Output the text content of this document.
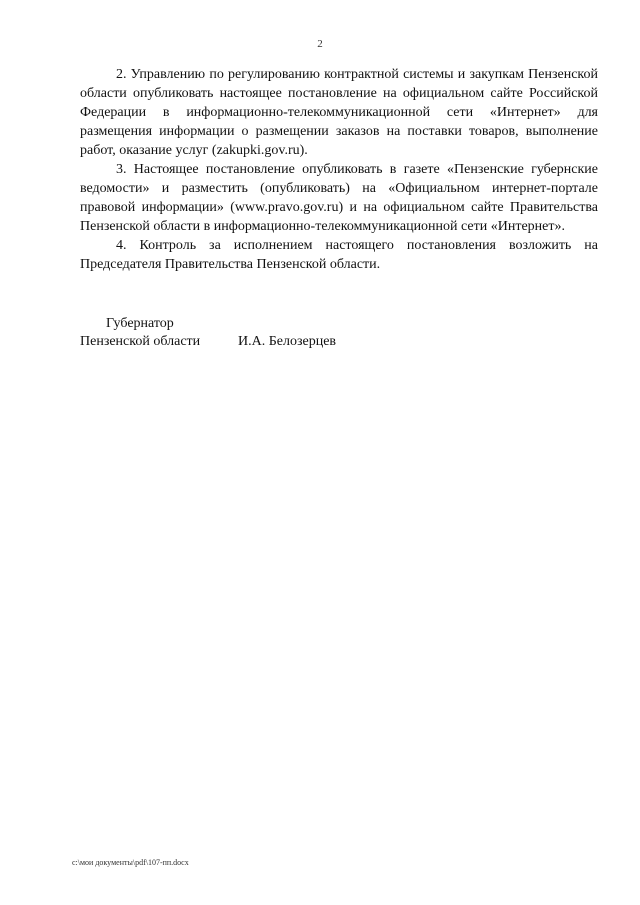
2

2. Управлению по регулированию контрактной системы и закупкам Пензенской области опубликовать настоящее постановление на официальном сайте Российской Федерации в информационно-телекоммуникационной сети «Интернет» для размещения информации о размещении заказов на поставки товаров, выполнение работ, оказание услуг (zakupki.gov.ru).

3. Настоящее постановление опубликовать в газете «Пензенские губернские ведомости» и разместить (опубликовать) на «Официальном интернет-портале правовой информации» (www.pravo.gov.ru) и на официальном сайте Правительства Пензенской области в информационно-телекоммуникационной сети «Интернет».

4. Контроль за исполнением настоящего постановления возложить на Председателя Правительства Пензенской области.

Губернатор
Пензенской области	И.А. Белозерцев
c:\мои документы\pdf\107-пп.docx
